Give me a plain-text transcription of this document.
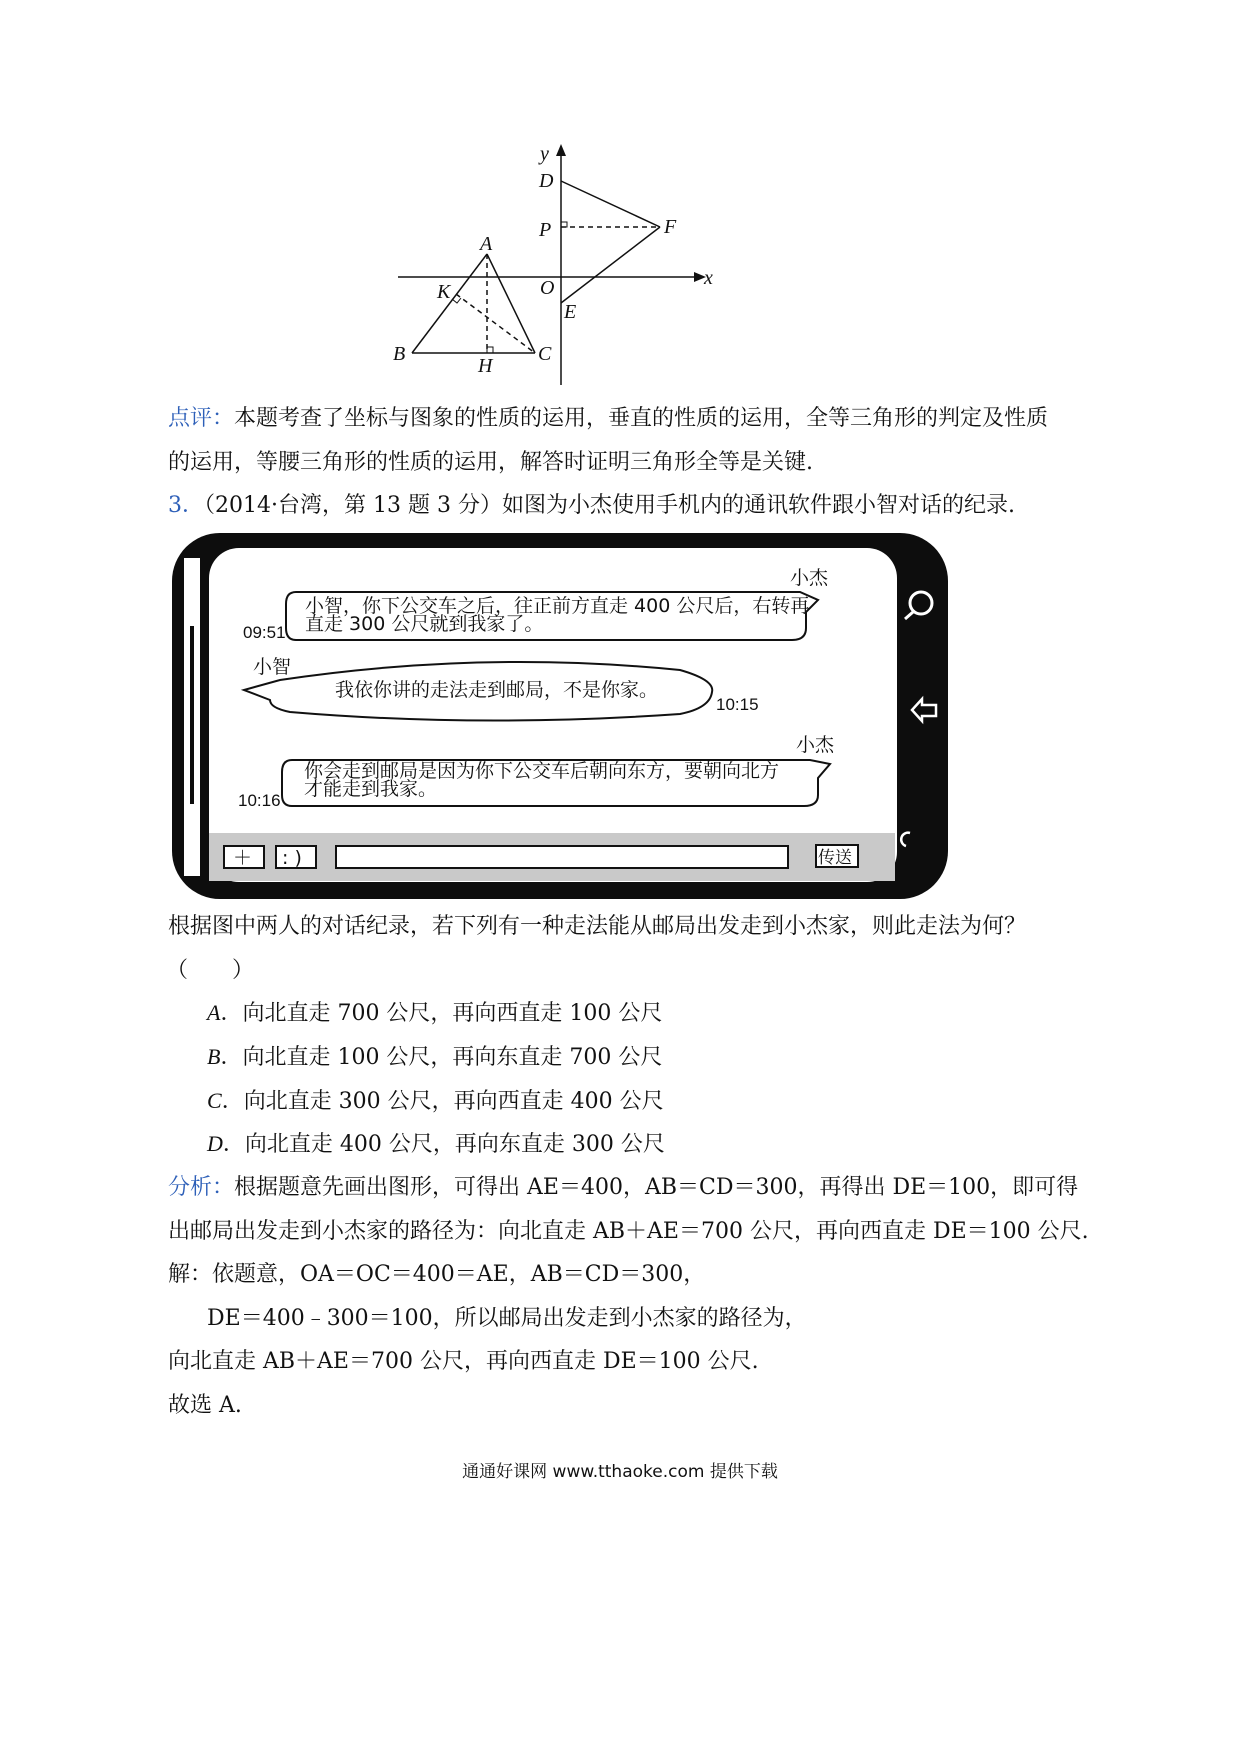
y
x
D
P	F
A
O
K
E
B
H
C
点评：本题考查了坐标与图象的性质的运用，垂直的性质的运用，全等三角形的判定及性质
的运用，等腰三角形的性质的运用，解答时证明三角形全等是关键.
3．（2014·台湾，第 13 题 3 分）如图为小杰使用手机内的通讯软件跟小智对话的纪录.
小杰
小智，你下公交车之后，往正前方直走 400 公尺后，右转再
直走 300 公尺就到我家了。
09:51
小智
我依你讲的走法走到邮局，不是你家。
10:15
小杰
你会走到邮局是因为你下公交车后朝向东方，要朝向北方
才能走到我家。
10:16
＋ : )	传送
根据图中两人的对话纪录，若下列有一种走法能从邮局出发走到小杰家，则此走法为何？
（　　）
A．向北直走 700 公尺，再向西直走 100 公尺
B．向北直走 100 公尺，再向东直走 700 公尺
C．向北直走 300 公尺，再向西直走 400 公尺
D．向北直走 400 公尺，再向东直走 300 公尺
分析：根据题意先画出图形，可得出 AE＝400，AB＝CD＝300，再得出 DE＝100，即可得
出邮局出发走到小杰家的路径为：向北直走 AB＋AE＝700 公尺，再向西直走 DE＝100 公尺.
解：依题意，OA＝OC＝400＝AE，AB＝CD＝300，
DE＝400﹣300＝100，所以邮局出发走到小杰家的路径为，
向北直走 AB＋AE＝700 公尺，再向西直走 DE＝100 公尺.
故选 A.
通通好课网 www.tthaoke.com 提供下载
